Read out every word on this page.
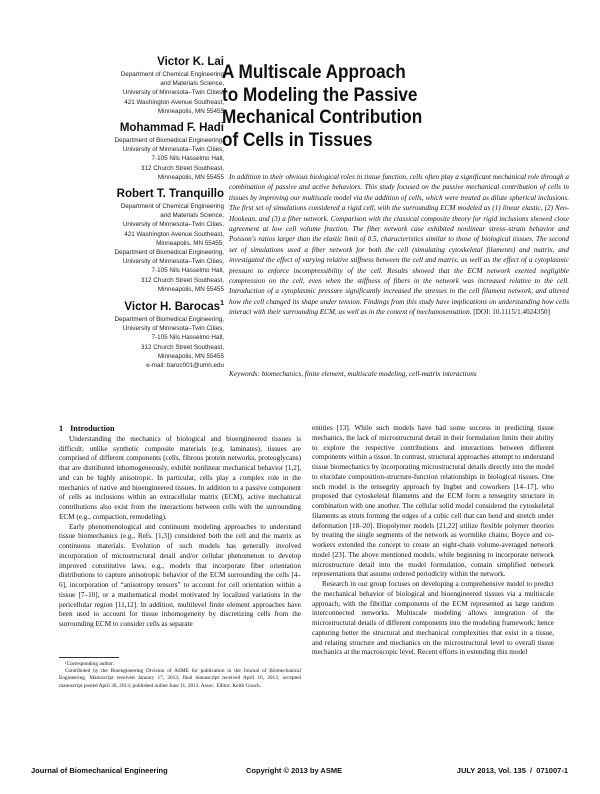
Victor K. Lai
Department of Chemical Engineering
and Materials Science,
University of Minnesota–Twin Cities,
421 Washington Avenue Southeast,
Minneapolis, MN 55455
Mohammad F. Hadi
Department of Biomedical Engineering,
University of Minnesota–Twin Cities,
7-105 Nils Hasselmo Hall,
312 Church Street Southeast,
Minneapolis, MN 55455
Robert T. Tranquillo
Department of Chemical Engineering
and Materials Science,
University of Minnesota–Twin Cities,
421 Washington Avenue Southeast,
Minneapolis, MN 55455;
Department of Biomedical Engineering,
University of Minnesota–Twin Cities,
7-105 Nils Hasselmo Hall,
312 Church Street Southeast,
Minneapolis, MN 55455
Victor H. Barocas$^1$
Department of Biomedical Engineering,
University of Minnesota–Twin Cities,
7-105 Nils Hasselmo Hall,
312 Church Street Southeast,
Minneapolis, MN 55455
e-mail: baroc001@umn.edu
A Multiscale Approach
to Modeling the Passive
Mechanical Contribution
of Cells in Tissues

In addition to their obvious biological roles in tissue function, cells often play a significant mechanical role through a combination of passive and active behaviors. This study focused on the passive mechanical contribution of cells in tissues by improving our multiscale model via the addition of cells, which were treated as dilute spherical inclusions. The first set of simulations considered a rigid cell, with the surrounding ECM modeled as (1) linear elastic, (2) Neo-Hookean, and (3) a fiber network. Comparison with the classical composite theory for rigid inclusions showed close agreement at low cell volume fraction. The fiber network case exhibited nonlinear stress–strain behavior and Poisson's ratios larger than the elastic limit of 0.5, characteristics similar to those of biological tissues. The second set of simulations used a fiber network for both the cell (simulating cytoskeletal filaments) and matrix, and investigated the effect of varying relative stiffness between the cell and matrix, as well as the effect of a cytoplasmic pressure to enforce incompressibility of the cell. Results showed that the ECM network exerted negligible compression on the cell, even when the stiffness of fibers in the network was increased relative to the cell. Introduction of a cytoplasmic pressure significantly increased the stresses in the cell filament network, and altered how the cell changed its shape under tension. Findings from this study have implications on understanding how cells interact with their surrounding ECM, as well as in the context of mechanosensation. [DOI: 10.1115/1.4024350]

Keywords: biomechanics, finite element, multiscale modeling, cell-matrix interactions

1 Introduction

Understanding the mechanics of biological and bioengineered tissues is difficult; unlike synthetic composite materials (e.g. laminates), tissues are comprised of different components (cells, fibrous protein networks, proteoglycans) that are distributed inhomogeneously, exhibit nonlinear mechanical behavior [1,2], and can be highly anisotropic. In particular, cells play a complex role in the mechanics of native and bioengineered tissues. In addition to a passive component of cells as inclusions within an extracellular matrix (ECM), active mechanical contributions also exist from the interactions between cells with the surrounding ECM (e.g., compaction, remodeling).

Early phenomenological and continuum modeling approaches to understand tissue biomechanics (e.g., Refs. [1,3]) considered both the cell and the matrix as continuous materials. Evolution of such models has generally involved incorporation of microstructural detail and/or cellular phenomenon to develop improved constitutive laws, e.g., models that incorporate fiber orientation distributions to capture anisotropic behavior of the ECM surrounding the cells [4–6], incorporation of “anisotropy tensors” to account for cell orientation within a tissue [7–10], or a mathematical model motivated by localized variations in the pericellular region [11,12]. In addition, multilevel finite element approaches have been used to account for tissue inhomogeneity by discretizing cells from the surrounding ECM to consider cells as separate

entities [13]. While such models have had some success in predicting tissue mechanics, the lack of microstructural detail in their formulation limits their ability to explore the respective contributions and interactions between different components within a tissue. In contrast, structural approaches attempt to understand tissue biomechanics by incorporating microstructural details directly into the model to elucidate composition-structure-function relationships in biological tissues. One such model is the tensegrity approach by Ingber and coworkers [14–17], who proposed that cytoskeletal filaments and the ECM form a tensegrity structure in combination with one another. The cellular solid model considered the cytoskeletal filaments as struts forming the edges of a cubic cell that can bend and stretch under deformation [18–20]. Biopolymer models [21,22] utilize flexible polymer theories by treating the single segments of the network as wormlike chains; Boyce and co-workers extended the concept to create an eight-chain volume-averaged network model [23]. The above mentioned models, while beginning to incorporate network microstructure detail into the model formulation, contain simplified network representations that assume ordered periodicity within the network.

Research in our group focuses on developing a comprehensive model to predict the mechanical behavior of biological and bioengineered tissues via a multiscale approach, with the fibrillar components of the ECM represented as large random interconnected networks. Multiscale modeling allows integration of the microstructural details of different components into the modeling framework; hence capturing better the structural and mechanical complexities that exist in a tissue, and relating structure and mechanics on the microstructural level to overall tissue mechanics at the macroscopic level. Recent efforts in extending this model

¹Corresponding author.

Contributed by the Bioengineering Division of ASME for publication in the Journal of Biomechanical Engineering. Manuscript received January 17, 2013; final manuscript received April 16, 2013; accepted manuscript posted April 30, 2013; published online June 11, 2013. Assoc. Editor: Keith Gooch.

Journal of Biomechanical Engineering	Copyright © 2013 by ASME	JULY 2013, Vol. 135  /  071007-1
